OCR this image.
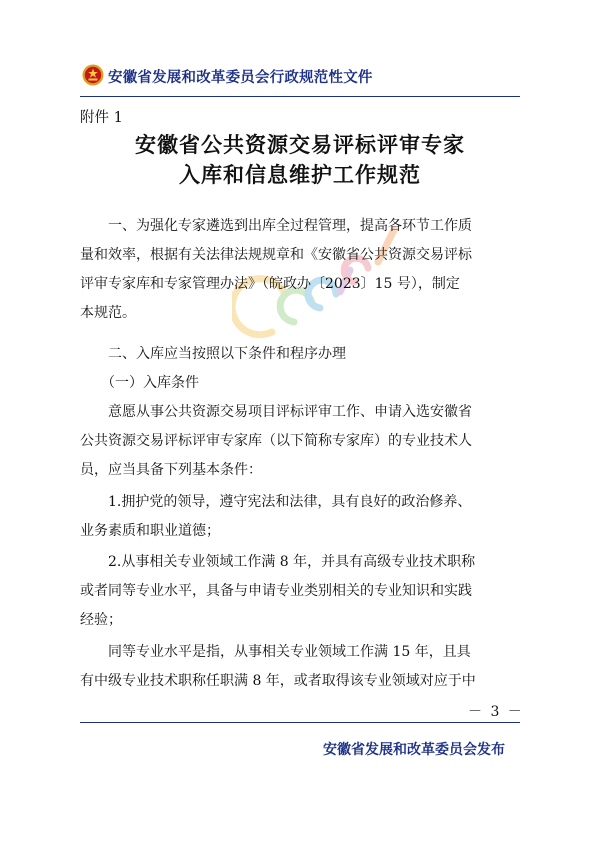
安徽省发展和改革委员会行政规范性文件
附件 1
安徽省公共资源交易评标评审专家
入库和信息维护工作规范
　　一、为强化专家遴选到出库全过程管理，提高各环节工作质
量和效率，根据有关法律法规规章和《安徽省公共资源交易评标
评审专家库和专家管理办法》（皖政办〔2023〕15 号），制定
本规范。
　　二、入库应当按照以下条件和程序办理
　　（一）入库条件
　　意愿从事公共资源交易项目评标评审工作、申请入选安徽省
公共资源交易评标评审专家库（以下简称专家库）的专业技术人
员，应当具备下列基本条件：
　　1.拥护党的领导，遵守宪法和法律，具有良好的政治修养、
业务素质和职业道德；
　　2.从事相关专业领域工作满 8 年，并具有高级专业技术职称
或者同等专业水平，具备与申请专业类别相关的专业知识和实践
经验；
　　同等专业水平是指，从事相关专业领域工作满 15 年，且具
有中级专业技术职称任职满 8 年，或者取得该专业领域对应于中
－ 3 －
安徽省发展和改革委员会发布
